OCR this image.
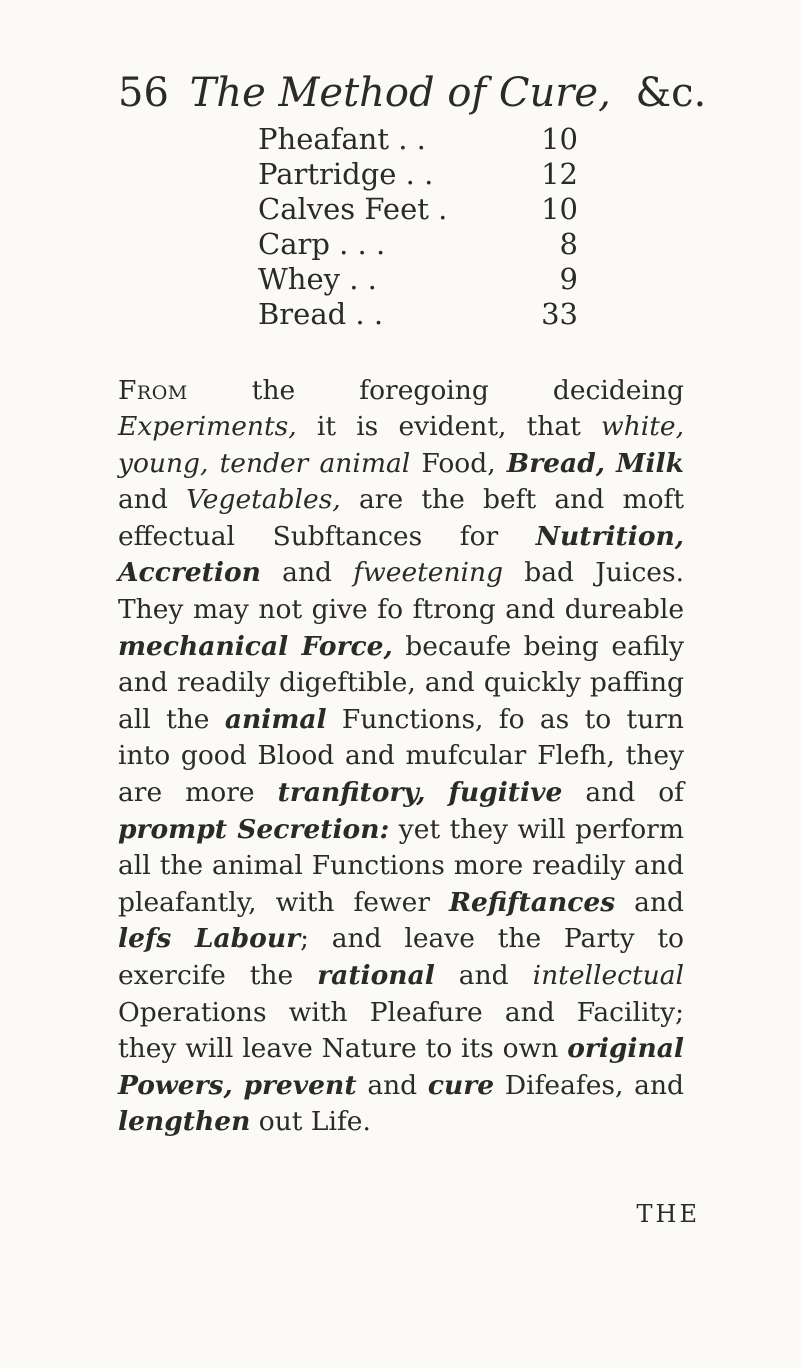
56 The Method of Cure, &c.
Pheafant . .	10
Partridge . .	12
Calves Feet .	10
Carp . . .	8
Whey . .	9
Bread . .	33

From the foregoing decideing Experiments, it is evident, that white, young, tender animal Food, Bread, Milk and Vegetables, are the beft and moft effectual Subftances for Nutrition, Accretion and fweetening bad Juices. They may not give fo ftrong and dureable mechanical Force, becaufe being eafily and readily digeftible, and quickly paffing all the animal Functions, fo as to turn into good Blood and mufcular Flefh, they are more tranfitory, fugitive and of prompt Secretion: yet they will perform all the animal Functions more readily and pleafantly, with fewer Refiftances and lefs Labour; and leave the Party to exercife the rational and intellectual Operations with Pleafure and Facility; they will leave Nature to its own original Powers, prevent and cure Difeafes, and lengthen out Life.

THE
